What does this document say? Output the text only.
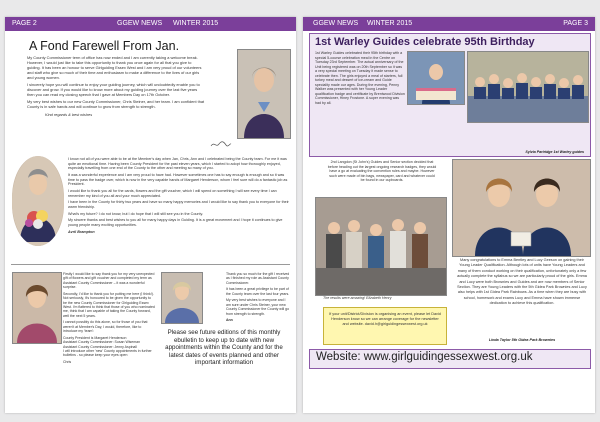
PAGE 2	GGEW NEWS WINTER 2015
A Fond Farewell From Jan.

My County Commissioner term of office has now ended and I am currently taking a welcome break. However, I would just like to take this opportunity to thank you once again for all that you give to guiding. It has been an honour to serve Girlguiding Essex West and I am very proud of our volunteers and staff who give so much of their time and enthusiasm to make a difference to the lives of our girls and young women.

I sincerely hope you will continue to enjoy your guiding journey, which will undoubtedly enable you to discover and grow. If you would like to know more about my guiding journey over the last five years then you can read my closing speech that I gave at Members Day on 17th October.

My very best wishes to our new County Commissioner, Chris Steiner, and her team. I am confident that County is in safe hands and will continue to grow from strength to strength.

Kind regards & best wishes

I know not all of you were able to be at the Member's day when Jan, Chris, Ann and I celebrated being the County team. For me it was quite an emotional time. Having been County President for the past eleven years, which I started to adopt how thoroughly enjoyed, especially travelling from one end of the County to the other and meeting so many of you.

It was a wonderful experience and I am very proud to have had. However sometimes one has to say enough is enough and so it was time to pass the badge over, which is now in the very capable hands of Margaret Henderson, whom I feel sure will do a fantastic job as President.

I would like to thank you all for the cards, flowers and the gift voucher, which I will spend on something I will see every time I can remember my kind of you all and your much appreciated.

I have been in the County for thirty two years and have so many happy memories and I would like to say thank you to everyone for their warm friendship.

What's my future? I do not know, but I do hope that I will still see you in the County.

My sincere thanks and best wishes to you all for many happy days in Guiding. It is a great movement and I hope it continues to give young people many exciting opportunities.

Avril Brampton

Firstly I would like to say thank you for my very unexpected gift of flowers and gift voucher and completed my term as Assistant County Commissioner – it was a wonderful surprise.

Secondly, I'd like to thank you for putting me here (I think!). Not seriously, it's honoured to be given the opportunity to be the new County Commissioner for Girlguiding Essex West. I'm flattered to think that those of you who nominated me, think that I am capable of taking the County forward, well the next 5 years.

I cannot possibly do this alone, so for those of you that weren't at Member's Day, I would, therefore, like to introduce my 'team':

County President is Margaret Henderson
Assistant County Commissioner: Susan Wiseman
Assistant County Commissioner: Jenny Aspinall

I will introduce other 'new' County appointments in further bulletins - so please keep your eyes open

Chris

Thank you so much for the gift I received as I finished my role as Assistant County Commissioner.

It has been a great privilege to be part of the County team over the last four years.

My very best wishes to everyone and I am sure under Chris Steiner, your new County Commissioner the County will go from strength to strength.

Ann
Please see future editions of this monthly ebulletin to keep up to date with new appointments within the County and for the latest dates of events planned and other important information
GGEW NEWS WINTER 2015	PAGE 3
1st Warley Guides celebrate 95th Birthday
1st Warley Guides celebrated their 95th birthday with a special 5-course celebration meal in the Centre on Tuesday 23rd September. The actual anniversary of the Unit being registered was on 20th September so it was a very special meeting on Tuesday it made sense to celebrate then. The girls enjoyed a meal of starters, full turkey meal and dessert of ice-cream and Guide speciality made our ages. During the evening, Penny Walker was presented with her Young Leader qualification badge and certificate by Brentwood Division Commissioner, Hiney Frostone. A super evening was had by all.
Sylvia Partridge 1st Warley guides
2nd Langdon (St John's) Guides and Senior section decided that before heading out the largest ongoing research badges, they would have a go at evaluating the convention rules and maybe. However such were made of bin bags, newspaper, card and whatever could be found in our cupboards.
The results were amazing! Elizabeth Henry
Many congratulations to Emma Bentley and Lucy Geeson on gaining their Young Leader Qualification. Although lots of units have Young Leaders and many of them conduct working on their qualification, unfortunately only a few actually complete the syllabus so we are particularly proud of the girls. Emma and Lucy were both Brownies and Guides and are now members of Senior Section. They are Young Leaders with the 5th Gidea Park Brownies and Lucy also helps with 1st Gidea Park Rainbows. As a time when they are busy with school, homework and exams Lucy and Emma have shown immense dedication to achieve this qualification.
Linda Taylor 5th Gidea Park Brownies
If your unit/District/Division is organising an event, please let David Henderson know so we can arrange coverage for the newsletter and website. david.h@girlguidingessexwest.org.uk
Website: www.girlguidingessexwest.org.uk
